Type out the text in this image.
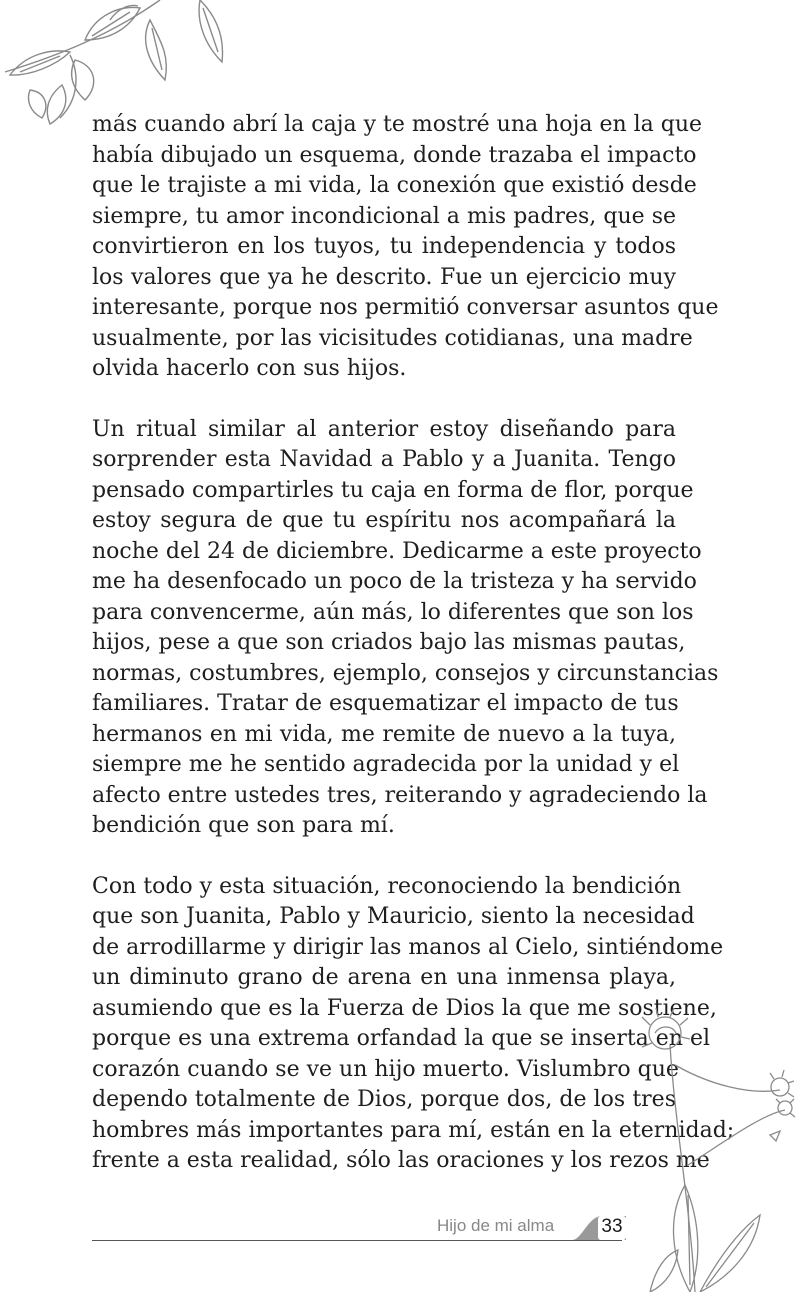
más cuando abrí la caja y te mostré una hoja en la que
había dibujado un esquema, donde trazaba el impacto
que le trajiste a mi vida, la conexión que existió desde
siempre, tu amor incondicional a mis padres, que se
convirtieron en los tuyos, tu independencia y todos
los valores que ya he descrito. Fue un ejercicio muy
interesante, porque nos permitió conversar asuntos que
usualmente, por las vicisitudes cotidianas, una madre
olvida hacerlo con sus hijos.

Un ritual similar al anterior estoy diseñando para
sorprender esta Navidad a Pablo y a Juanita. Tengo
pensado compartirles tu caja en forma de flor, porque
estoy segura de que tu espíritu nos acompañará la
noche del 24 de diciembre. Dedicarme a este proyecto
me ha desenfocado un poco de la tristeza y ha servido
para convencerme, aún más, lo diferentes que son los
hijos, pese a que son criados bajo las mismas pautas,
normas, costumbres, ejemplo, consejos y circunstancias
familiares. Tratar de esquematizar el impacto de tus
hermanos en mi vida, me remite de nuevo a la tuya,
siempre me he sentido agradecida por la unidad y el
afecto entre ustedes tres, reiterando y agradeciendo la
bendición que son para mí.

Con todo y esta situación, reconociendo la bendición
que son Juanita, Pablo y Mauricio, siento la necesidad
de arrodillarme y dirigir las manos al Cielo, sintiéndome
un diminuto grano de arena en una inmensa playa,
asumiendo que es la Fuerza de Dios la que me sostiene,
porque es una extrema orfandad la que se inserta en el
corazón cuando se ve un hijo muerto. Vislumbro que
dependo totalmente de Dios, porque dos, de los tres
hombres más importantes para mí, están en la eternidad;
frente a esta realidad, sólo las oraciones y los rezos me

Hijo de mi alma 33
